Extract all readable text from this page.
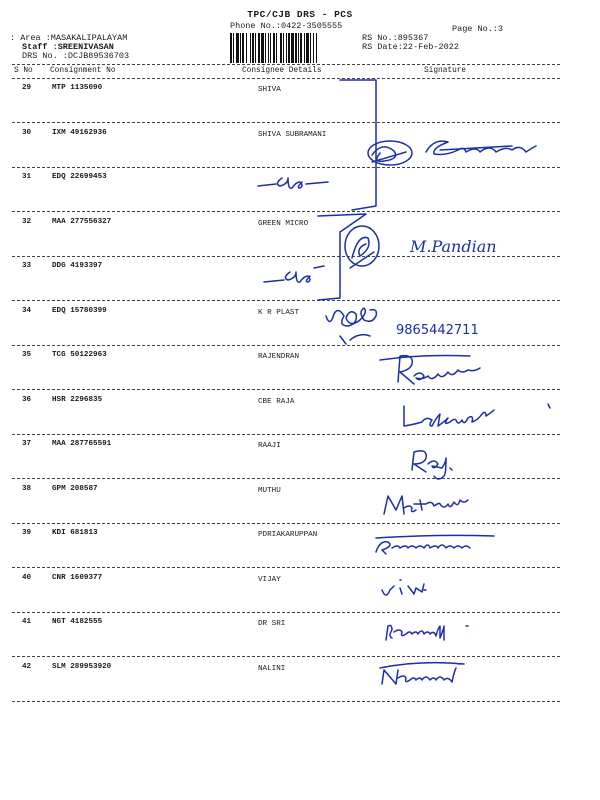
TPC/CJB DRS - PCS
Phone No.:0422-3505555	Page No.:3
: Area :MASAKALIPALAYAM
Staff :SREENIVASAN
DRS No. :DCJB89536703
RS No.:895367
RS Date:22-Feb-2022
S No Consignment No	Consignee Details	Signature
29	MTP 1135090	SHIVA
30	IXM 49162936	SHIVA SUBRAMANI
31	EDQ 22699453
32	MAA 277556327	GREEN MICRO
33	DDG 4193397
34	EDQ 15780399	K R PLAST
35	TCG 50122963	RAJENDRAN
36	HSR 2296835	CBE RAJA
37	MAA 287765591	RAAJI
38	GPM 208587	MUTHU
39	KDI 681813	PDRIAKARUPPAN
40	CNR 1609377	VIJAY
41	NGT 4182555	DR SRI
42	SLM 289953920	NALINI
M.Pandian
9865442711
